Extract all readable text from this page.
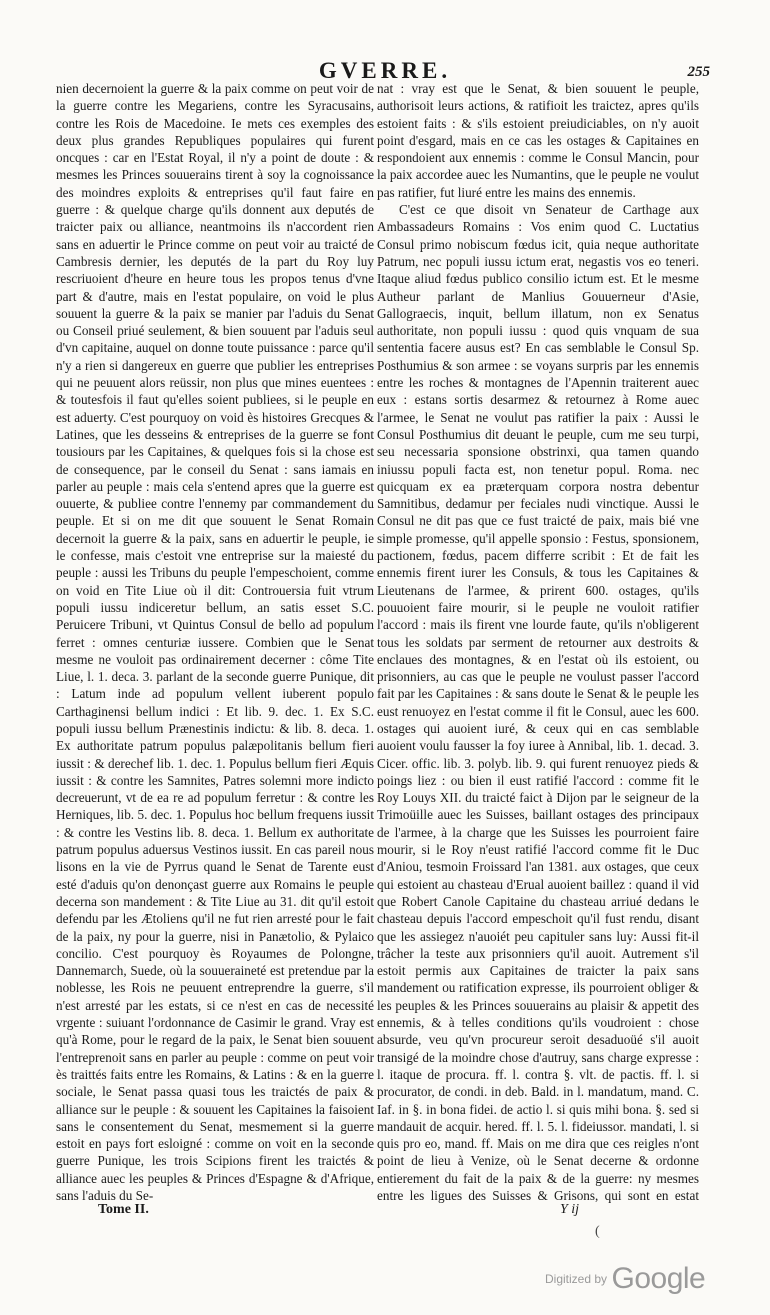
GVERRE.	255

nien decernoient la guerre & la paix comme on peut voir de la guerre contre les Megariens, contre les Syracusains, contre les Rois de Macedoine. Ie mets ces exemples des deux plus grandes Republiques populaires qui furent oncques : car en l'Estat Royal, il n'y a point de doute : & mesmes les Princes souuerains tirent à soy la cognoissance des moindres exploits & entreprises qu'il faut faire en guerre : & quelque charge qu'ils donnent aux deputés de traicter paix ou alliance, neantmoins ils n'accordent rien sans en aduertir le Prince comme on peut voir au traicté de Cambresis dernier, les deputés de la part du Roy luy rescriuoient d'heure en heure tous les propos tenus d'vne part & d'autre, mais en l'estat populaire, on void le plus souuent la guerre & la paix se manier par l'aduis du Senat ou Conseil priué seulement, & bien souuent par l'aduis seul d'vn capitaine, auquel on donne toute puissance : parce qu'il n'y a rien si dangereux en guerre que publier les entreprises qui ne peuuent alors reüssir, non plus que mines euentees : & toutesfois il faut qu'elles soient publiees, si le peuple en est aduerty. C'est pourquoy on void ès histoires Grecques & Latines, que les desseins & entreprises de la guerre se font tousiours par les Capitaines, & quelques fois si la chose est de consequence, par le conseil du Senat : sans iamais en parler au peuple : mais cela s'entend apres que la guerre est ouuerte, & publiee contre l'ennemy par commandement du peuple. Et si on me dit que souuent le Senat Romain decernoit la guerre & la paix, sans en aduertir le peuple, ie le confesse, mais c'estoit vne entreprise sur la maiesté du peuple : aussi les Tribuns du peuple l'empeschoient, comme on void en Tite Liue où il dit: Controuersia fuit vtrum populi iussu indiceretur bellum, an satis esset S.C. Peruicere Tribuni, vt Quintus Consul de bello ad populum ferret : omnes centuriæ iussere. Combien que le Senat mesme ne vouloit pas ordinairement decerner : côme Tite Liue, l. 1. deca. 3. parlant de la seconde guerre Punique, dit : Latum inde ad populum vellent iuberent populo Carthaginensi bellum indici : Et lib. 9. dec. 1. Ex S.C. populi iussu bellum Prænestinis indictu: & lib. 8. deca. 1. Ex authoritate patrum populus palæpolitanis bellum fieri iussit : & derechef lib. 1. dec. 1. Populus bellum fieri Æquis iussit : & contre les Samnites, Patres solemni more indicto decreuerunt, vt de ea re ad populum ferretur : & contre les Herniques, lib. 5. dec. 1. Populus hoc bellum frequens iussit : & contre les Vestins lib. 8. deca. 1. Bellum ex authoritate patrum populus aduersus Vestinos iussit. En cas pareil nous lisons en la vie de Pyrrus quand le Senat de Tarente eust esté d'aduis qu'on denonçast guerre aux Romains le peuple decerna son mandement : & Tite Liue au 31. dit qu'il estoit defendu par les Ætoliens qu'il ne fut rien arresté pour le fait de la paix, ny pour la guerre, nisi in Panætolio, & Pylaico concilio. C'est pourquoy ès Royaumes de Polongne, Dannemarch, Suede, où la souueraineté est pretendue par la noblesse, les Rois ne peuuent entreprendre la guerre, s'il n'est arresté par les estats, si ce n'est en cas de necessité vrgente : suiuant l'ordonnance de Casimir le grand. Vray est qu'à Rome, pour le regard de la paix, le Senat bien souuent l'entreprenoit sans en parler au peuple : comme on peut voir ès traittés faits entre les Romains, & Latins : & en la guerre sociale, le Senat passa quasi tous les traictés de paix & alliance sur le peuple : & souuent les Capitaines la faisoient sans le consentement du Senat, mesmement si la guerre estoit en pays fort esloigné : comme on voit en la seconde guerre Punique, les trois Scipions firent les traictés & alliance auec les peuples & Princes d'Espagne & d'Afrique, sans l'aduis du Se-

nat : vray est que le Senat, & bien souuent le peuple, authorisoit leurs actions, & ratifioit les traictez, apres qu'ils estoient faits : & s'ils estoient preiudiciables, on n'y auoit point d'esgard, mais en ce cas les ostages & Capitaines en respondoient aux ennemis : comme le Consul Mancin, pour la paix accordee auec les Numantins, que le peuple ne voulut pas ratifier, fut liuré entre les mains des ennemis.

C'est ce que disoit vn Senateur de Carthage aux Ambassadeurs Romains : Vos enim quod C. Luctatius Consul primo nobiscum fœdus icit, quia neque authoritate Patrum, nec populi iussu ictum erat, negastis vos eo teneri. Itaque aliud fœdus publico consilio ictum est. Et le mesme Autheur parlant de Manlius Gouuerneur d'Asie, Gallograecis, inquit, bellum illatum, non ex Senatus authoritate, non populi iussu : quod quis vnquam de sua sententia facere ausus est? En cas semblable le Consul Sp. Posthumius & son armee : se voyans surpris par les ennemis entre les roches & montagnes de l'Apennin traiterent auec eux : estans sortis desarmez & retournez à Rome auec l'armee, le Senat ne voulut pas ratifier la paix : Aussi le Consul Posthumius dit deuant le peuple, cum me seu turpi, seu necessaria sponsione obstrinxi, qua tamen quando iniussu populi facta est, non tenetur popul. Roma. nec quicquam ex ea præterquam corpora nostra debentur Samnitibus, dedamur per feciales nudi vinctique. Aussi le Consul ne dit pas que ce fust traicté de paix, mais bié vne simple promesse, qu'il appelle sponsio : Festus, sponsionem, pactionem, fœdus, pacem differre scribit : Et de fait les ennemis firent iurer les Consuls, & tous les Capitaines & Lieutenans de l'armee, & prirent 600. ostages, qu'ils pouuoient faire mourir, si le peuple ne vouloit ratifier l'accord : mais ils firent vne lourde faute, qu'ils n'obligerent tous les soldats par serment de retourner aux destroits & enclaues des montagnes, & en l'estat où ils estoient, ou prisonniers, au cas que le peuple ne voulust passer l'accord fait par les Capitaines : & sans doute le Senat & le peuple les eust renuoyez en l'estat comme il fit le Consul, auec les 600. ostages qui auoient iuré, & ceux qui en cas semblable auoient voulu fausser la foy iuree à Annibal, lib. 1. decad. 3. Cicer. offic. lib. 3. polyb. lib. 9. qui furent renuoyez pieds & poings liez : ou bien il eust ratifié l'accord : comme fit le Roy Louys XII. du traicté faict à Dijon par le seigneur de la Trimoüille auec les Suisses, baillant ostages des principaux de l'armee, à la charge que les Suisses les pourroient faire mourir, si le Roy n'eust ratifié l'accord comme fit le Duc d'Aniou, tesmoin Froissard l'an 1381. aux ostages, que ceux qui estoient au chasteau d'Erual auoient baillez : quand il vid que Robert Canole Capitaine du chasteau arriué dedans le chasteau depuis l'accord empeschoit qu'il fust rendu, disant que les assiegez n'auoiét peu capituler sans luy: Aussi fit-il trâcher la teste aux prisonniers qu'il auoit. Autrement s'il estoit permis aux Capitaines de traicter la paix sans mandement ou ratification expresse, ils pourroient obliger & les peuples & les Princes souuerains au plaisir & appetit des ennemis, & à telles conditions qu'ils voudroient : chose absurde, veu qu'vn procureur seroit desaduoüé s'il auoit transigé de la moindre chose d'autruy, sans charge expresse : l. itaque de procura. ff. l. contra §. vlt. de pactis. ff. l. si procurator, de condi. in deb. Bald. in l. mandatum, mand. C. Iaf. in §. in bona fidei. de actio l. si quis mihi bona. §. sed si mandauit de acquir. hered. ff. l. 5. l. fideiussor. mandati, l. si quis pro eo, mand. ff. Mais on me dira que ces reigles n'ont point de lieu à Venize, où le Senat decerne & ordonne entierement du fait de la paix & de la guerre: ny mesmes entre les ligues des Suisses & Grisons, qui sont en estat

Tome II.	Y ij
(
Digitized by Google
